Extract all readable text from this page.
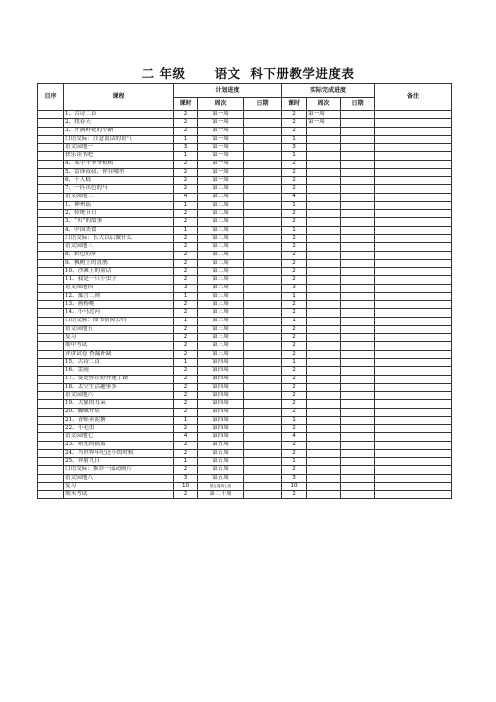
二 年级      语文  科下册教学进度表
目序	课程	计划进度			实际完成进度			备注
		课时	周次	日期	课时	周次	日期	
	1、古诗二首	2	第一周		2	第一周		
	2、找春天	2	第一周		2	第一周		
	3、开满鲜花的小路	2	第一周		2			
	口语交际：注意说话的语气	1	第一周		1			
	语文园地一	3	第一周		3			
	快乐读书吧	1	第一周		1			
	4、邓小平爷爷植树	2	第一周		2			
	5、雷锋叔叔，你在哪里	2	第一周		2			
	6、千人糕	2	第一周		2			
	7、一匹出色的马	2	第二周		2			
	语文园地二	4	第二周		4			
	1、神州谣	1	第二周		1			
	2、传统节日	2	第二周		2			
	3、“贝”的故事	2	第二周		2			
	4、中国美食	1	第二周		1			
	口语交际：长大以后做什么	2	第二周		2			
	语文园地三	2	第二周		2			
	8、彩色的梦	2	第二周		2			
	9、枫树上的喜鹊	2	第二周		2			
	10、沙滩上的童话	2	第二周		2			
	11、我是一只小虫子	2	第三周		2			
	语文园地四	3	第三周		3			
	12、寓言二则	1	第三周		1			
	13、画杨桃	2	第三周		2			
	14、小马过河	2	第三周		2			
	口语交际：图书借阅公约	1	第三周		1			
	语文园地五	2	第三周		2			
	复习	2	第三周		2			
	期中考试	2	第三周		2			
	评讲试卷 查漏补缺	2	第三周		2			
	15、古诗二首	1	第四周		1			
	16、雷雨	2	第四周		2			
	17、要是你在野外迷了路	2	第四周		2			
	18、太空生活趣事多	2	第四周		2			
	语文园地六	2	第四周		2			
	19、大象的耳朵	2	第四周		2			
	20、蜘蛛开店	2	第四周		2			
	21、青蛙卖泥塘	1	第四周		1			
	22、小毛虫	2	第四周		2			
	语文园地七	4	第四周		4			
	23、祖先的摇篮	2	第五周		2			
	24、当世界年纪还小的时候	2	第五周		2			
	25、羿射九日	1	第五周		1			
	口语交际：推荐一部动画片	2	第五周		2			
	语文园地八	3	第五周		3			
	复习	10	第五周到七周		10			
	期末考试	2	第二十周		2			
